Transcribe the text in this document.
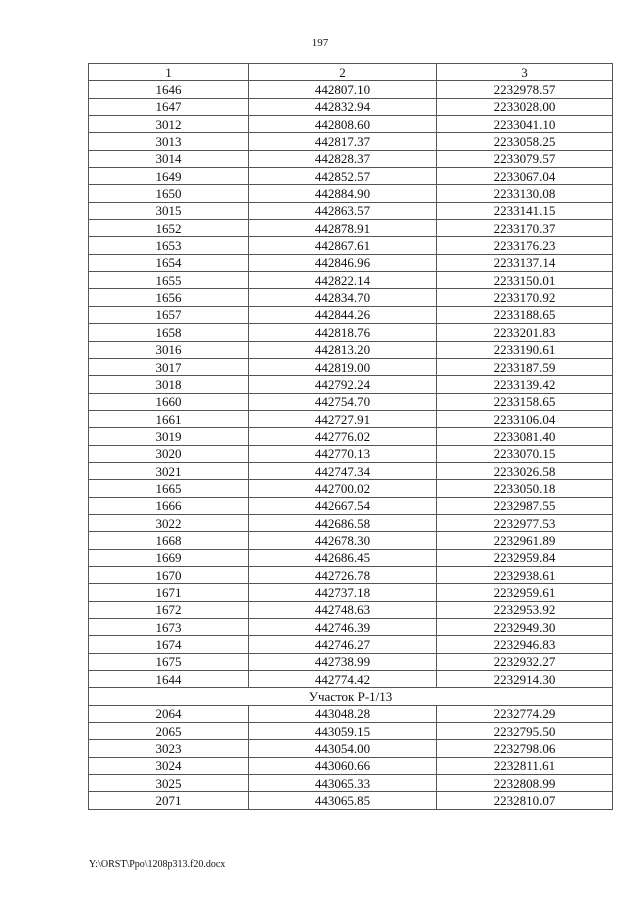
197
1	2	3
1646	442807.10	2232978.57
1647	442832.94	2233028.00
3012	442808.60	2233041.10
3013	442817.37	2233058.25
3014	442828.37	2233079.57
1649	442852.57	2233067.04
1650	442884.90	2233130.08
3015	442863.57	2233141.15
1652	442878.91	2233170.37
1653	442867.61	2233176.23
1654	442846.96	2233137.14
1655	442822.14	2233150.01
1656	442834.70	2233170.92
1657	442844.26	2233188.65
1658	442818.76	2233201.83
3016	442813.20	2233190.61
3017	442819.00	2233187.59
3018	442792.24	2233139.42
1660	442754.70	2233158.65
1661	442727.91	2233106.04
3019	442776.02	2233081.40
3020	442770.13	2233070.15
3021	442747.34	2233026.58
1665	442700.02	2233050.18
1666	442667.54	2232987.55
3022	442686.58	2232977.53
1668	442678.30	2232961.89
1669	442686.45	2232959.84
1670	442726.78	2232938.61
1671	442737.18	2232959.61
1672	442748.63	2232953.92
1673	442746.39	2232949.30
1674	442746.27	2232946.83
1675	442738.99	2232932.27
1644	442774.42	2232914.30
Участок Р-1/13		
2064	443048.28	2232774.29
2065	443059.15	2232795.50
3023	443054.00	2232798.06
3024	443060.66	2232811.61
3025	443065.33	2232808.99
2071	443065.85	2232810.07
Y:\ORST\Ppo\1208p313.f20.docx
